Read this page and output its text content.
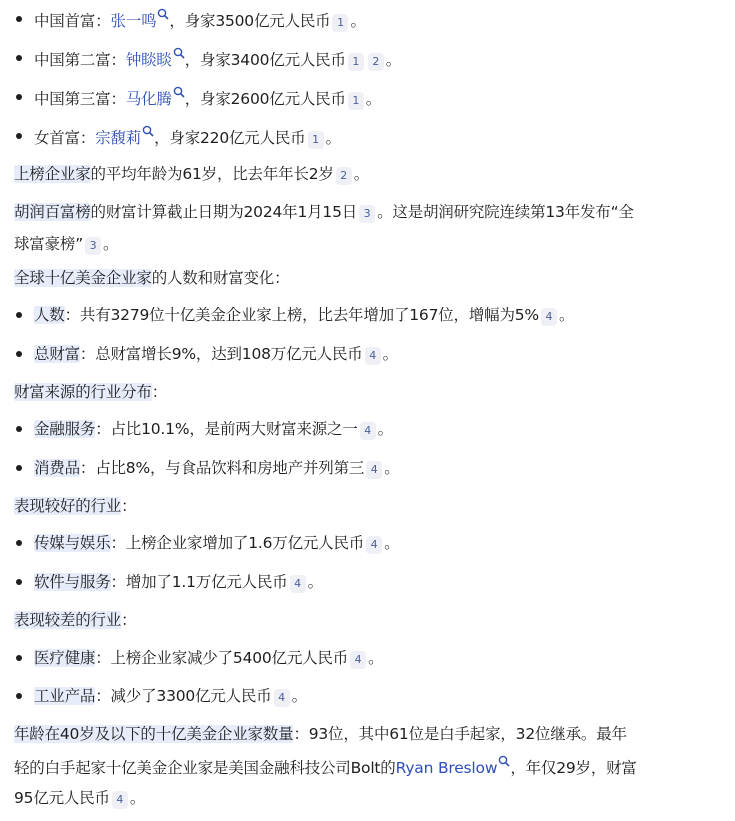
中国首富：张一鸣 ，身家3500亿元人民币 1 。
中国第二富：钟睒睒 ，身家3400亿元人民币 1 2 。
中国第三富：马化腾 ，身家2600亿元人民币 1 。
女首富：宗馥莉 ，身家220亿元人民币 1 。
上榜企业家的平均年龄为61岁，比去年年长2岁 2 。
胡润百富榜的财富计算截止日期为2024年1月15日 3 。这是胡润研究院连续第13年发布“全
球富豪榜” 3 。
全球十亿美金企业家的人数和财富变化：
人数：共有3279位十亿美金企业家上榜，比去年增加了167位，增幅为5% 4 。
总财富：总财富增长9%，达到108万亿元人民币 4 。
财富来源的行业分布：
金融服务：占比10.1%，是前两大财富来源之一 4 。
消费品：占比8%，与食品饮料和房地产并列第三 4 。
表现较好的行业：
传媒与娱乐：上榜企业家增加了1.6万亿元人民币 4 。
软件与服务：增加了1.1万亿元人民币 4 。
表现较差的行业：
医疗健康：上榜企业家减少了5400亿元人民币 4 。
工业产品：减少了3300亿元人民币 4 。
年龄在40岁及以下的十亿美金企业家数量：93位，其中61位是白手起家，32位继承。最年
轻的白手起家十亿美金企业家是美国金融科技公司Bolt的Ryan Breslow ，年仅29岁，财富
95亿元人民币 4 。
